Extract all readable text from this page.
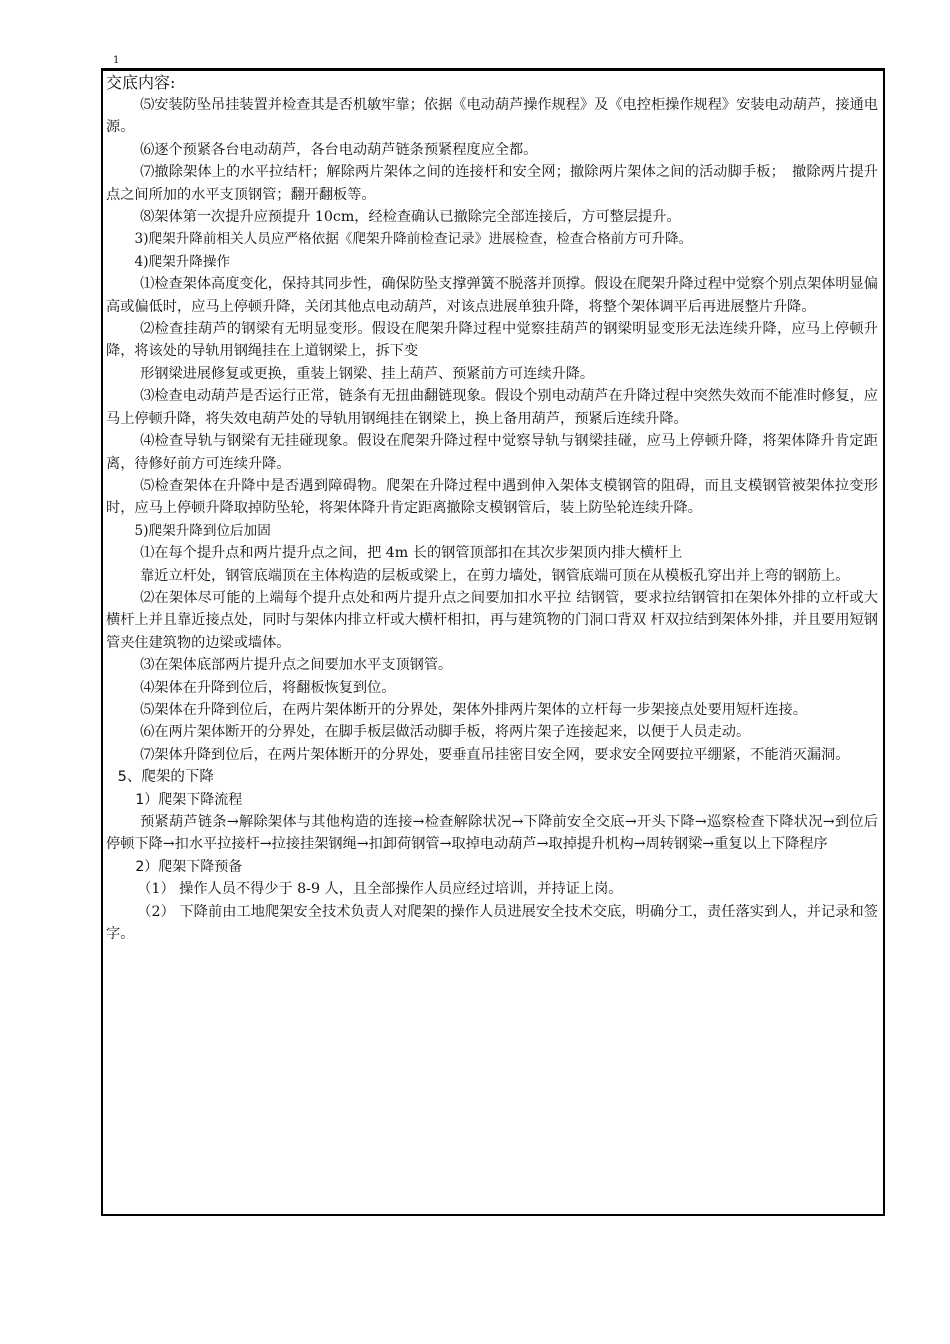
1

交底内容:

⑸安装防坠吊挂装置并检查其是否机敏牢靠；依据《电动葫芦操作规程》及《电控柜操作规程》安装电动葫芦，接通电源。

⑹逐个预紧各台电动葫芦，各台电动葫芦链条预紧程度应全都。

⑺撤除架体上的水平拉结杆；解除两片架体之间的连接杆和安全网；撤除两片架体之间的活动脚手板；　撤除两片提升点之间所加的水平支顶钢管；翻开翻板等。

⑻架体第一次提升应预提升 10cm，经检查确认已撤除完全部连接后，方可整层提升。

3)爬架升降前相关人员应严格依据《爬架升降前检查记录》进展检查，检查合格前方可升降。

4)爬架升降操作

⑴检查架体高度变化，保持其同步性，确保防坠支撑弹簧不脱落并顶撑。假设在爬架升降过程中觉察个别点架体明显偏高或偏低时，应马上停顿升降，关闭其他点电动葫芦，对该点进展单独升降，将整个架体调平后再进展整片升降。

⑵检查挂葫芦的钢梁有无明显变形。假设在爬架升降过程中觉察挂葫芦的钢梁明显变形无法连续升降，应马上停顿升降，将该处的导轨用钢绳挂在上道钢梁上，拆下变

形钢梁进展修复或更换，重装上钢梁、挂上葫芦、预紧前方可连续升降。

⑶检查电动葫芦是否运行正常，链条有无扭曲翻链现象。假设个别电动葫芦在升降过程中突然失效而不能准时修复，应马上停顿升降，将失效电葫芦处的导轨用钢绳挂在钢梁上，换上备用葫芦，预紧后连续升降。

⑷检查导轨与钢梁有无挂碰现象。假设在爬架升降过程中觉察导轨与钢梁挂碰，应马上停顿升降，将架体降升肯定距离，待修好前方可连续升降。

⑸检查架体在升降中是否遇到障碍物。爬架在升降过程中遇到伸入架体支模钢管的阻碍，而且支模钢管被架体拉变形时，应马上停顿升降取掉防坠轮，将架体降升肯定距离撤除支模钢管后，装上防坠轮连续升降。

5)爬架升降到位后加固

⑴在每个提升点和两片提升点之间，把 4m 长的钢管顶部扣在其次步架顶内排大横杆上

靠近立杆处，钢管底端顶在主体构造的层板或梁上，在剪力墙处，钢管底端可顶在从模板孔穿出并上弯的钢筋上。

⑵在架体尽可能的上端每个提升点处和两片提升点之间要加扣水平拉 结钢管，要求拉结钢管扣在架体外排的立杆或大横杆上并且靠近接点处，同时与架体内排立杆或大横杆相扣，再与建筑物的门洞口背双 杆双拉结到架体外排，并且要用短钢管夹住建筑物的边梁或墙体。

⑶在架体底部两片提升点之间要加水平支顶钢管。

⑷架体在升降到位后，将翻板恢复到位。

⑸架体在升降到位后，在两片架体断开的分界处，架体外排两片架体的立杆每一步架接点处要用短杆连接。

⑹在两片架体断开的分界处，在脚手板层做活动脚手板，将两片架子连接起来，以便于人员走动。

⑺架体升降到位后，在两片架体断开的分界处，要垂直吊挂密目安全网，要求安全网要拉平绷紧，不能消灭漏洞。

5、爬架的下降

1）爬架下降流程

预紧葫芦链条→解除架体与其他构造的连接→检查解除状况→下降前安全交底→开头下降→巡察检查下降状况→到位后停顿下降→扣水平拉接杆→拉接挂架钢绳→扣卸荷钢管→取掉电动葫芦→取掉提升机构→周转钢梁→重复以上下降程序

2）爬架下降预备

（1） 操作人员不得少于 8-9 人，且全部操作人员应经过培训，并持证上岗。

（2） 下降前由工地爬架安全技术负责人对爬架的操作人员进展安全技术交底，明确分工，责任落实到人，并记录和签字。
